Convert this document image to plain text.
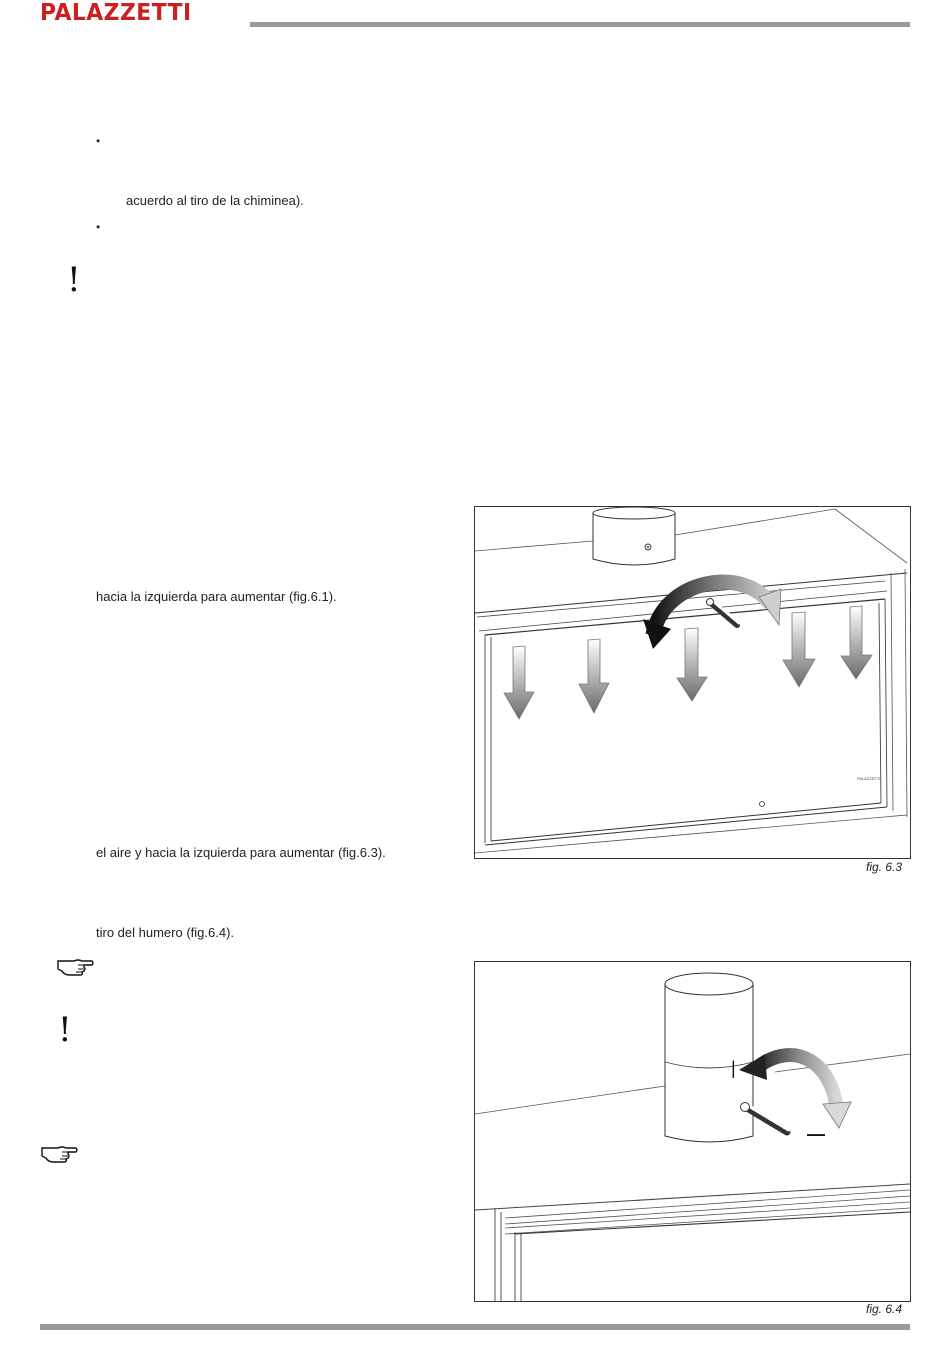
PALAZZETTI
•
acuerdo al tiro de la chiminea).
•
!
hacia la izquierda para aumentar (fig.6.1).
el aire y hacia la izquierda para aumentar (fig.6.3).
tiro del humero (fig.6.4).
!
PALAZZETTI
fig. 6.3
|
—
fig. 6.4
